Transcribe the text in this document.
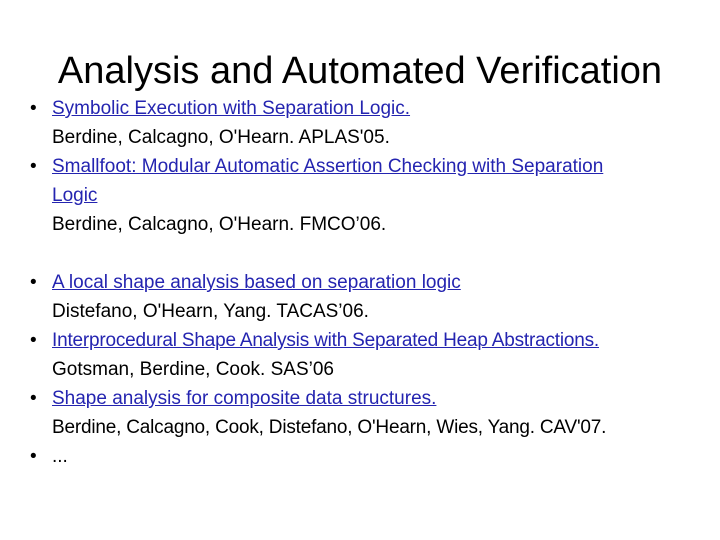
Analysis and Automated Verification
• Symbolic Execution with Separation Logic.
Berdine, Calcagno, O'Hearn. APLAS'05.
• Smallfoot: Modular Automatic Assertion Checking with Separation Logic
Berdine, Calcagno, O'Hearn. FMCO’06.
• A local shape analysis based on separation logic
Distefano, O'Hearn, Yang. TACAS’06.
• Interprocedural Shape Analysis with Separated Heap Abstractions.
Gotsman, Berdine, Cook. SAS’06
• Shape analysis for composite data structures.
Berdine, Calcagno, Cook, Distefano, O'Hearn, Wies, Yang. CAV'07.
• ...
